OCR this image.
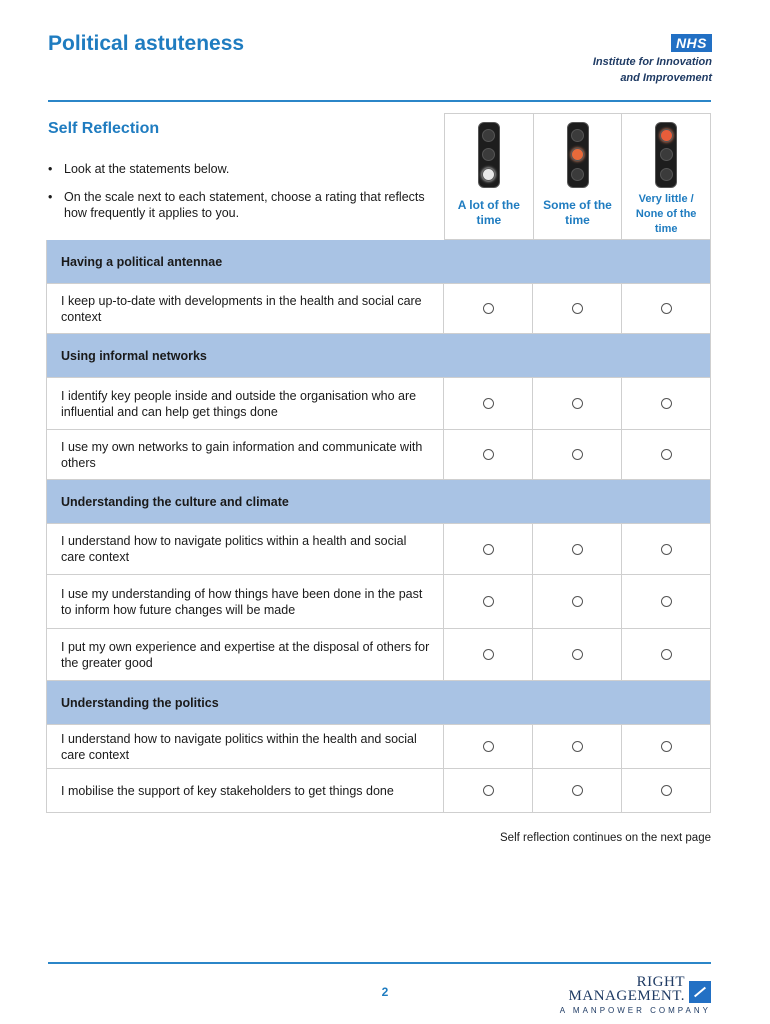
Political astuteness	NHS
Institute for Innovation
and Improvement
Self Reflection
• Look at the statements below.
• On the scale next to each statement, choose a rating that reflects how frequently it applies to you.
A lot of the
time
Some of the
time
Very little /
None of the
time
Having a political antennae
I keep up-to-date with developments in the health and social care context
Using informal networks
I identify key people inside and outside the organisation who are influential and can help get things done
I use my own networks to gain information and communicate with others
Understanding the culture and climate
I understand how to navigate politics within a health and social care context
I use my understanding of how things have been done in the past to inform how future changes will be made
I put my own experience and expertise at the disposal of others for the greater good
Understanding the politics
I understand how to navigate politics within the health and social care context
I mobilise the support of key stakeholders to get things done
Self reflection continues on the next page
2
RIGHT
MANAGEMENT.
A MANPOWER COMPANY
